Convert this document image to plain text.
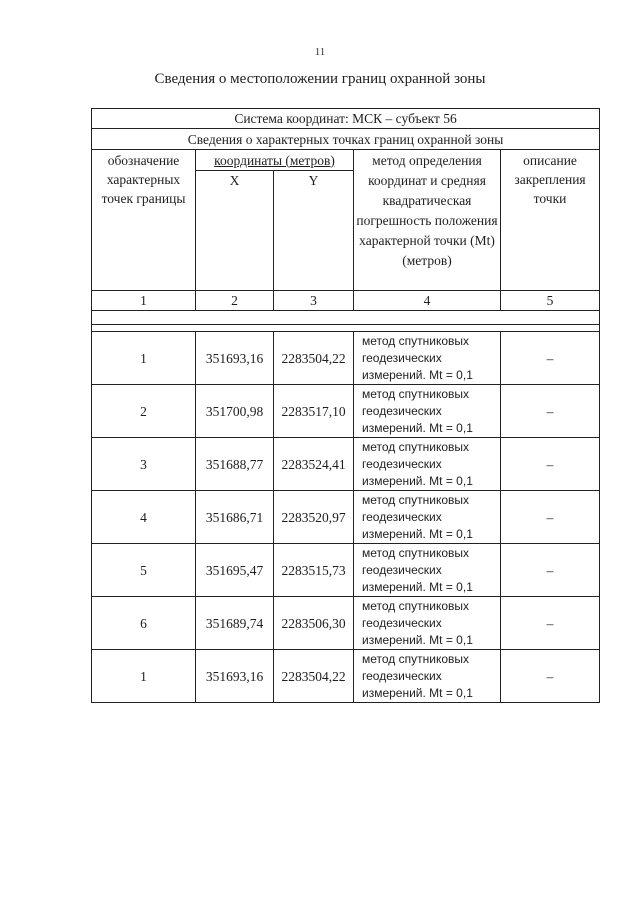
11
Сведения о местоположении границ охранной зоны
Система координат: МСК – субъект 56				
Сведения о характерных точках границ охранной зоны				
обозначение характерных точек границы	координаты (метров)		метод определения координат и средняя квадратическая погрешность положения характерной точки (Mt) (метров)	описание закрепления точки
	X	Y		
1	2	3	4	5

1	351693,16	2283504,22	метод спутниковых геодезических измерений. Mt = 0,1	–
2	351700,98	2283517,10	метод спутниковых геодезических измерений. Mt = 0,1	–
3	351688,77	2283524,41	метод спутниковых геодезических измерений. Mt = 0,1	–
4	351686,71	2283520,97	метод спутниковых геодезических измерений. Mt = 0,1	–
5	351695,47	2283515,73	метод спутниковых геодезических измерений. Mt = 0,1	–
6	351689,74	2283506,30	метод спутниковых геодезических измерений. Mt = 0,1	–
1	351693,16	2283504,22	метод спутниковых геодезических измерений. Mt = 0,1	–
